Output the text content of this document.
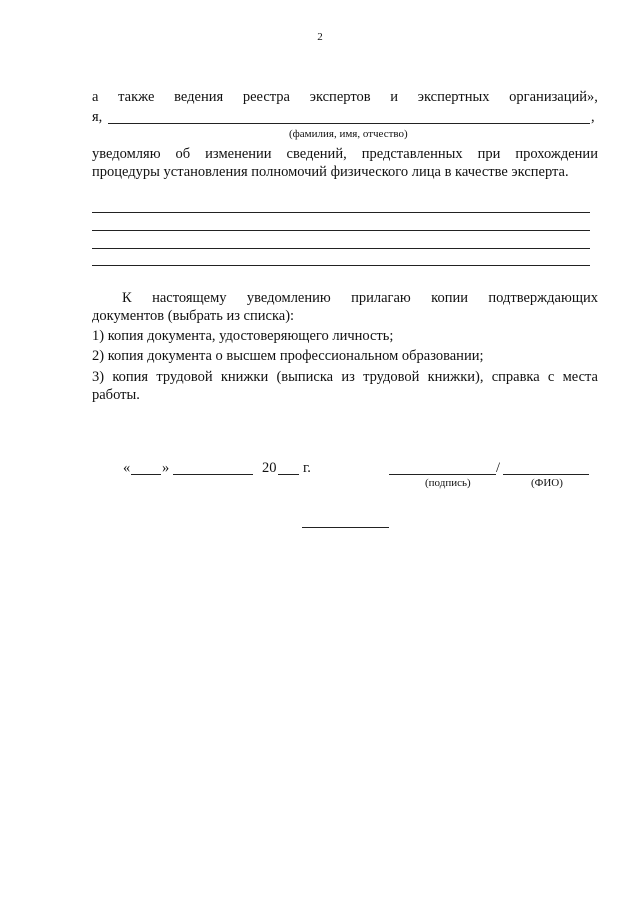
2
а также ведения реестра экспертов и экспертных организаций»,
я,	,
(фамилия, имя, отчество)
уведомляю об изменении сведений, представленных при прохождении
процедуры установления полномочий физического лица в качестве эксперта.
К настоящему уведомлению прилагаю копии подтверждающих
документов (выбрать из списка):
1) копия документа, удостоверяющего личность;
2) копия документа о высшем профессиональном образовании;
3) копия трудовой книжки (выписка из трудовой книжки), справка с места
работы.
« »	20 г.	/
(подпись)	(ФИО)
